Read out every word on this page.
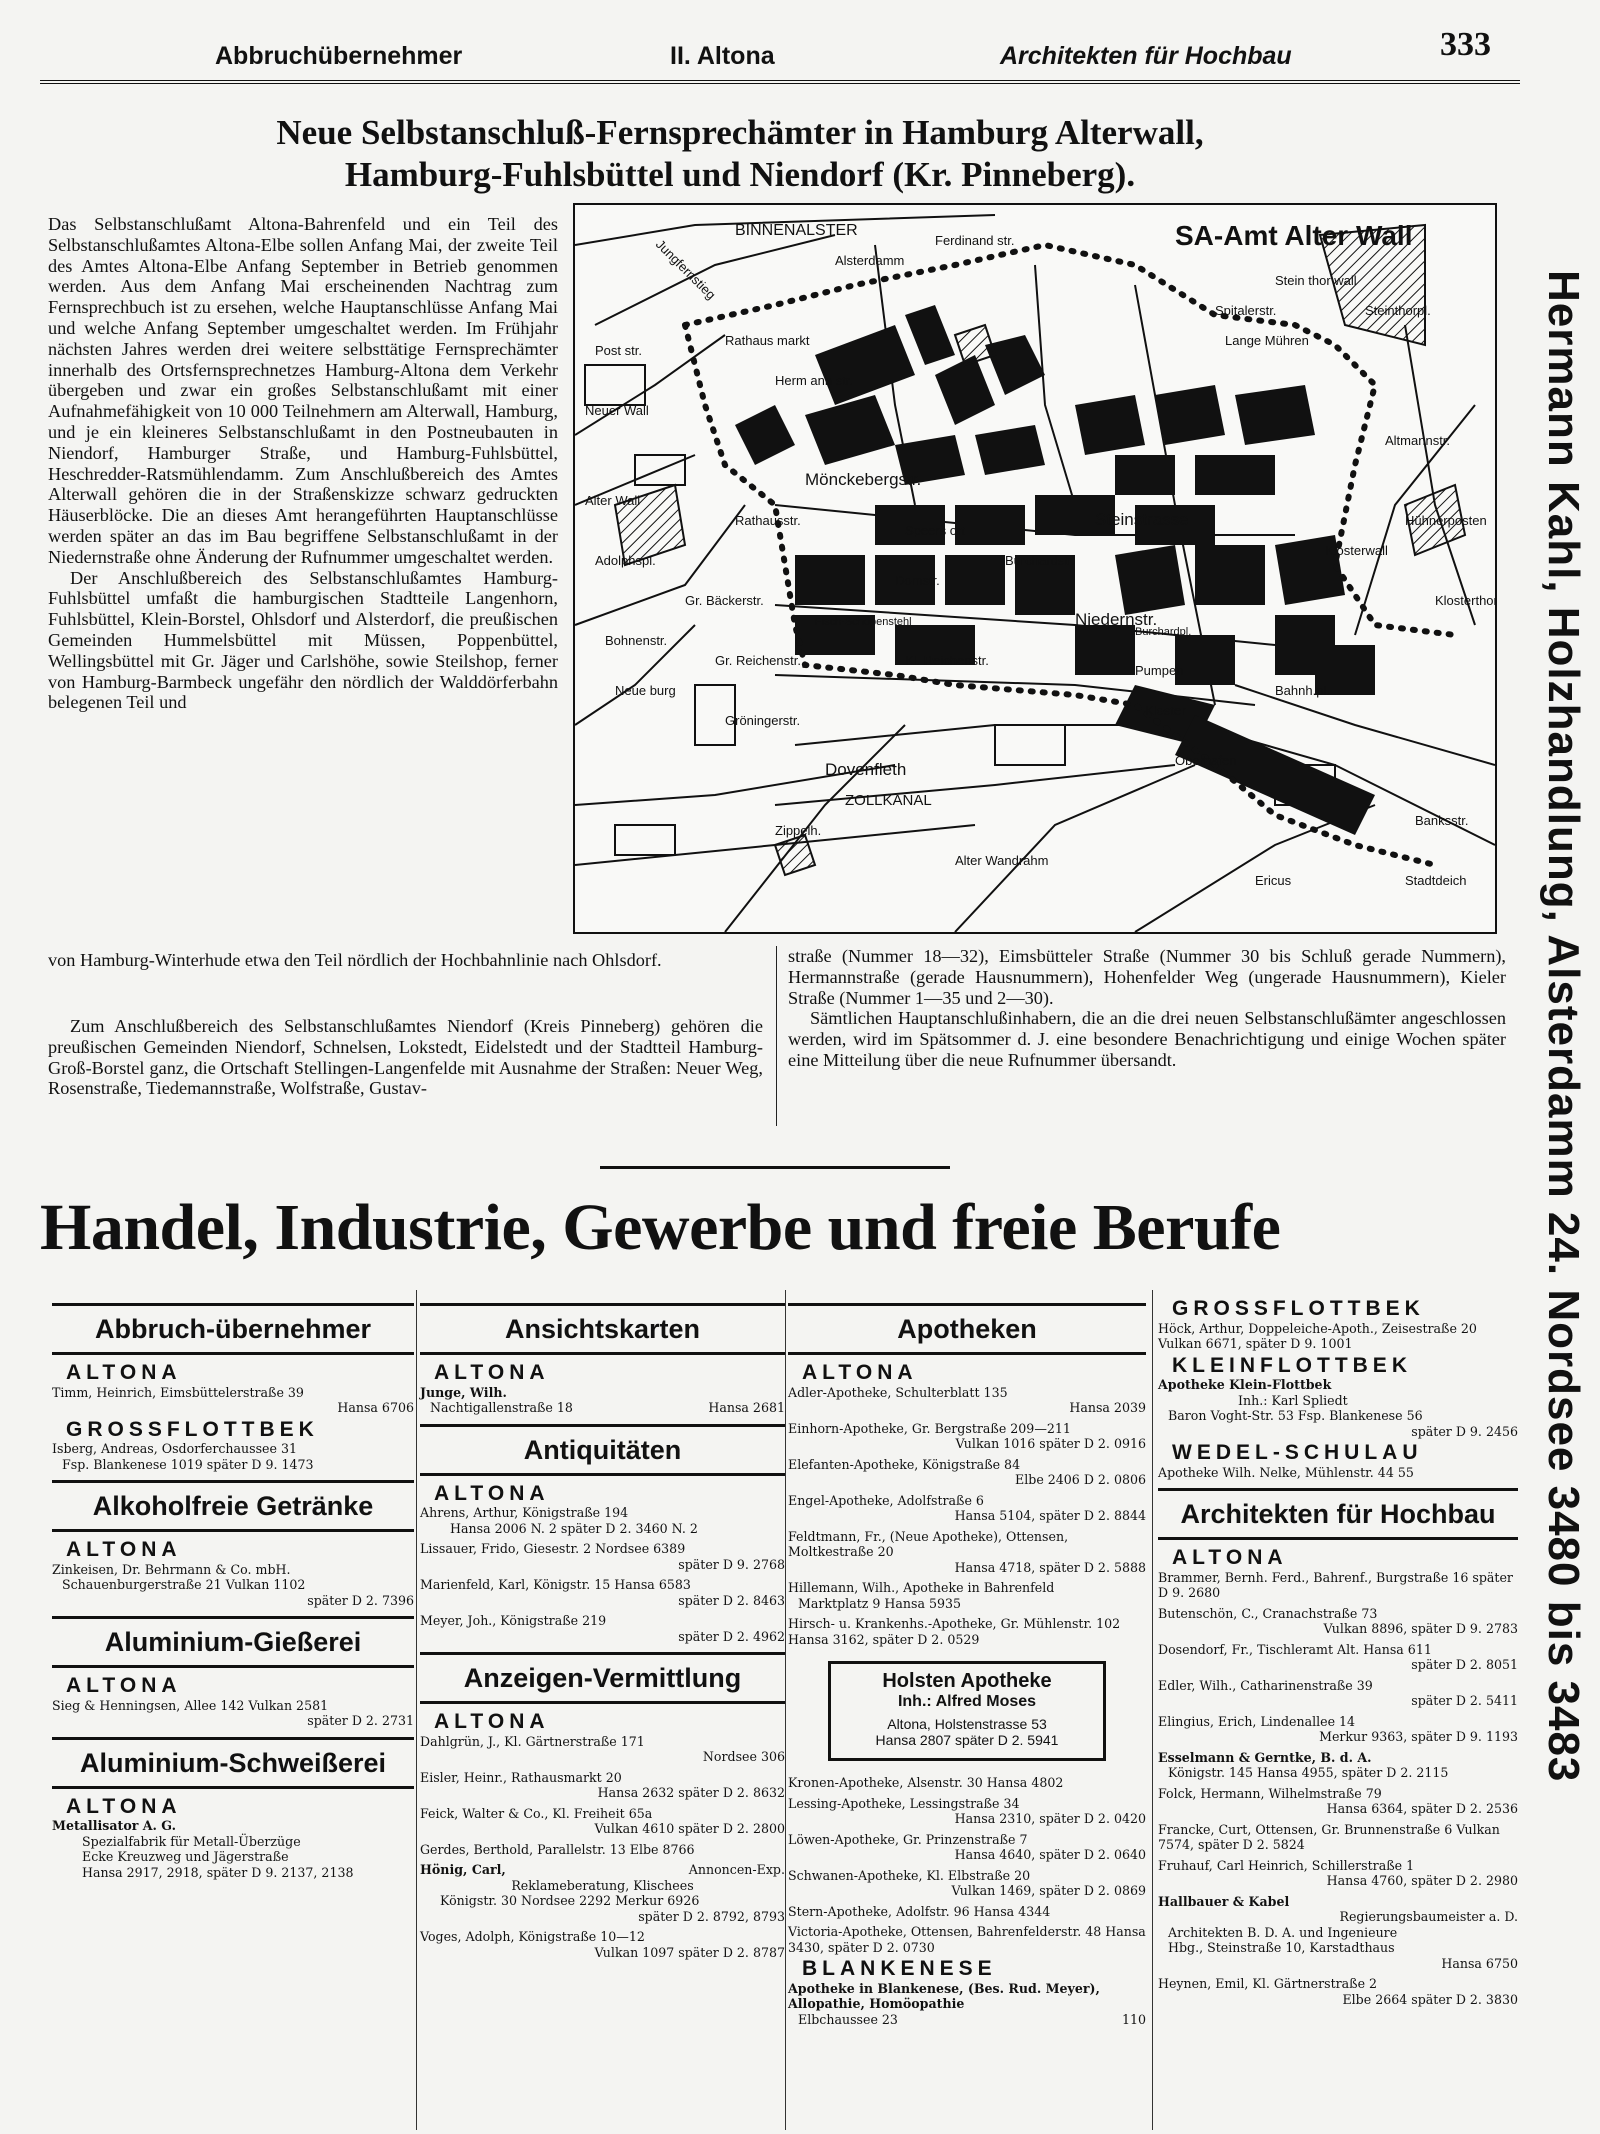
Abbruchübernehmer	II. Altona	Architekten für Hochbau	333
Neue Selbstanschluß-Fernsprechämter in Hamburg Alterwall,
Hamburg-Fuhlsbüttel und Niendorf (Kr. Pinneberg).

Das Selbstanschlußamt Altona-Bahrenfeld und ein Teil des Selbstanschlußamtes Altona-Elbe sollen Anfang Mai, der zweite Teil des Amtes Altona-Elbe Anfang September in Betrieb genommen werden. Aus dem Anfang Mai erscheinenden Nachtrag zum Fernsprechbuch ist zu ersehen, welche Hauptanschlüsse Anfang Mai und welche Anfang September umgeschaltet werden. Im Frühjahr nächsten Jahres werden drei weitere selbsttätige Fernsprechämter innerhalb des Ortsfernsprechnetzes Hamburg-Altona dem Verkehr übergeben und zwar ein großes Selbstanschlußamt mit einer Aufnahmefähigkeit von 10 000 Teilnehmern am Alterwall, Hamburg, und je ein kleineres Selbstanschlußamt in den Postneubauten in Niendorf, Hamburger Straße, und Hamburg-Fuhlsbüttel, Heschredder-Ratsmühlendamm. Zum Anschlußbereich des Amtes Alterwall gehören die in der Straßenskizze schwarz gedruckten Häuserblöcke. Die an dieses Amt herangeführten Hauptanschlüsse werden später an das im Bau begriffene Selbstanschlußamt in der Niedernstraße ohne Änderung der Rufnummer umgeschaltet werden.

Der Anschlußbereich des Selbstanschlußamtes Hamburg-Fuhlsbüttel umfaßt die hamburgischen Stadtteile Langenhorn, Fuhlsbüttel, Klein-Borstel, Ohlsdorf und Alsterdorf, die preußischen Gemeinden Hummelsbüttel mit Müssen, Poppenbüttel, Wellingsbüttel mit Gr. Jäger und Carlshöhe, sowie Steilshop, ferner von Hamburg-Barmbeck ungefähr den nördlich der Walddörferbahn belegenen Teil und

von Hamburg-Winterhude etwa den Teil nördlich der Hochbahnlinie nach Ohlsdorf.

Zum Anschlußbereich des Selbstanschlußamtes Niendorf (Kreis Pinneberg) gehören die preußischen Gemeinden Niendorf, Schnelsen, Lokstedt, Eidelstedt und der Stadtteil Hamburg-Groß-Borstel ganz, die Ortschaft Stellingen-Langenfelde mit Ausnahme der Straßen: Neuer Weg, Rosenstraße, Tiedemannstraße, Wolfstraße, Gustav-

straße (Nummer 18—32), Eimsbütteler Straße (Nummer 30 bis Schluß gerade Nummern), Hermannstraße (gerade Hausnummern), Hohenfelder Weg (ungerade Hausnummern), Kieler Straße (Nummer 1—35 und 2—30).

Sämtlichen Hauptanschlußinhabern, die an die drei neuen Selbstanschlußämter angeschlossen werden, wird im Spätsommer d. J. eine besondere Benachrichtigung und einige Wochen später eine Mitteilung über die neue Rufnummer übersandt.

BINNENALSTER	SA-Amt Alter Wall
Jungfernstieg
Post str.
Neuer Wall
Alter Wall
Adolphspl.
Alsterdamm
Ferdinand str.
Rathaus markt
Herm ann str.
Mönckebergstr.
Spitalerstr.
Stein thor wall
Steinthorpl.
Altmannstr.
Steinstrasse
Speers ort
Burchardstr.
Niedernstr.
Pumpen
Kloster
Bahnh.pl.
Klosterwall
Hühnerposten
Klosterthor
Dovenfleth
ZOLLKANAL
Zippelh.
Oberhafen
Banksstr.
Stadtdeich
Ericus
Gröningerstr.
Gr. Reichenstr.	Kl. Reichenstr.
Fisch-Schopenstehl
Neue burg
Alter Wandrahm
Rathausstr.
Gr. Bäckerstr.
Bohnenstr.
Domstr.
Lange Mühren
Burchardpl.	Hermann Kahl, Holzhandlung, Alsterdamm 24. Nordsee 3480 bis 3483
Handel, Industrie, Gewerbe und freie Berufe
Abbruch-übernehmer
ALTONA
Timm, Heinrich, Eimsbüttelerstraße 39
Hansa 6706
GROSSFLOTTBEK
Isberg, Andreas, Osdorferchaussee 31
Fsp. Blankenese 1019 später D 9. 1473
Alkoholfreie Getränke
ALTONA
Zinkeisen, Dr. Behrmann & Co. mbH.
Schauenburgerstraße 21 Vulkan 1102
später D 2. 7396
Aluminium-Gießerei
ALTONA
Sieg & Henningsen, Allee 142 Vulkan 2581
später D 2. 2731
Aluminium-Schweißerei
ALTONA
Metallisator A. G.
Spezialfabrik für Metall-Überzüge
Ecke Kreuzweg und Jägerstraße
Hansa 2917, 2918, später D 9. 2137, 2138
Ansichtskarten
ALTONA
Junge, Wilh.
Nachtigallenstraße 18	Hansa 2681
Antiquitäten
ALTONA
Ahrens, Arthur, Königstraße 194
Hansa 2006 N. 2 später D 2. 3460 N. 2
Lissauer, Frido, Giesestr. 2 Nordsee 6389
später D 9. 2768
Marienfeld, Karl, Königstr. 15 Hansa 6583
später D 2. 8463
Meyer, Joh., Königstraße 219
später D 2. 4962
Anzeigen-Vermittlung
ALTONA
Dahlgrün, J., Kl. Gärtnerstraße 171
Nordsee 306
Eisler, Heinr., Rathausmarkt 20
Hansa 2632 später D 2. 8632
Feick, Walter & Co., Kl. Freiheit 65a
Vulkan 4610 später D 2. 2800
Gerdes, Berthold, Parallelstr. 13 Elbe 8766
Hönig, Carl,	Annoncen-Exp.
Reklameberatung, Klischees
Königstr. 30 Nordsee 2292 Merkur 6926
später D 2. 8792, 8793
Voges, Adolph, Königstraße 10—12
Vulkan 1097 später D 2. 8787
Apotheken
ALTONA
Adler-Apotheke, Schulterblatt 135
Hansa 2039
Einhorn-Apotheke, Gr. Bergstraße 209—211
Vulkan 1016 später D 2. 0916
Elefanten-Apotheke, Königstraße 84
Elbe 2406 D 2. 0806
Engel-Apotheke, Adolfstraße 6
Hansa 5104, später D 2. 8844
Feldtmann, Fr., (Neue Apotheke), Ottensen, Moltkestraße 20
Hansa 4718, später D 2. 5888
Hillemann, Wilh., Apotheke in Bahrenfeld
Marktplatz 9 Hansa 5935
Hirsch- u. Krankenhs.-Apotheke, Gr. Mühlenstr. 102 Hansa 3162, später D 2. 0529
Holsten Apotheke
Inh.: Alfred Moses
Altona, Holstenstrasse 53
Hansa 2807 später D 2. 5941
Kronen-Apotheke, Alsenstr. 30 Hansa 4802
Lessing-Apotheke, Lessingstraße 34
Hansa 2310, später D 2. 0420
Löwen-Apotheke, Gr. Prinzenstraße 7
Hansa 4640, später D 2. 0640
Schwanen-Apotheke, Kl. Elbstraße 20
Vulkan 1469, später D 2. 0869
Stern-Apotheke, Adolfstr. 96 Hansa 4344
Victoria-Apotheke, Ottensen, Bahrenfelderstr. 48 Hansa 3430, später D 2. 0730
BLANKENESE
Apotheke in Blankenese, (Bes. Rud. Meyer), Allopathie, Homöopathie
Elbchaussee 23	110
GROSSFLOTTBEK
Höck, Arthur, Doppeleiche-Apoth., Zeisestraße 20 Vulkan 6671, später D 9. 1001
KLEINFLOTTBEK
Apotheke Klein-Flottbek
Inh.: Karl Spliedt
Baron Voght-Str. 53 Fsp. Blankenese 56
später D 9. 2456
WEDEL-SCHULAU
Apotheke Wilh. Nelke, Mühlenstr. 44 55
Architekten für Hochbau
ALTONA
Brammer, Bernh. Ferd., Bahrenf., Burgstraße 16 später D 9. 2680
Butenschön, C., Cranachstraße 73
Vulkan 8896, später D 9. 2783
Dosendorf, Fr., Tischleramt Alt. Hansa 611
später D 2. 8051
Edler, Wilh., Catharinenstraße 39
später D 2. 5411
Elingius, Erich, Lindenallee 14
Merkur 9363, später D 9. 1193
Esselmann & Gerntke, B. d. A.
Königstr. 145 Hansa 4955, später D 2. 2115
Folck, Hermann, Wilhelmstraße 79
Hansa 6364, später D 2. 2536
Francke, Curt, Ottensen, Gr. Brunnenstraße 6 Vulkan 7574, später D 2. 5824
Fruhauf, Carl Heinrich, Schillerstraße 1
Hansa 4760, später D 2. 2980
Hallbauer & Kabel
Regierungsbaumeister a. D.
Architekten B. D. A. und Ingenieure
Hbg., Steinstraße 10, Karstadthaus
Hansa 6750
Heynen, Emil, Kl. Gärtnerstraße 2
Elbe 2664 später D 2. 3830
